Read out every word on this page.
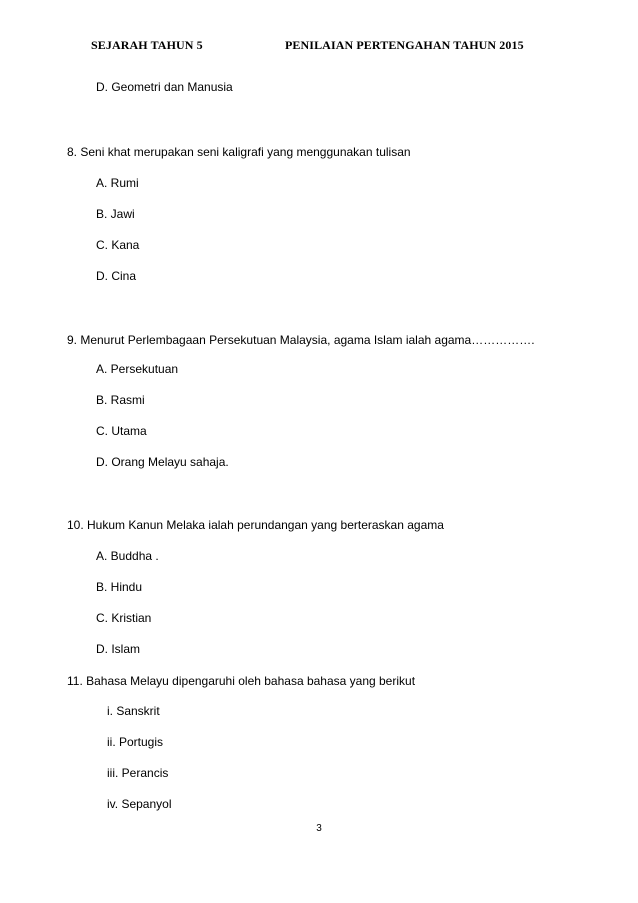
SEJARAH TAHUN 5	PENILAIAN PERTENGAHAN TAHUN 2015
D. Geometri dan Manusia
8. Seni khat merupakan seni kaligrafi yang menggunakan tulisan
A. Rumi
B. Jawi
C. Kana
D. Cina
9. Menurut Perlembagaan Persekutuan Malaysia, agama Islam ialah agama…………….
A. Persekutuan
B. Rasmi
C. Utama
D. Orang Melayu sahaja.
10. Hukum Kanun Melaka ialah perundangan yang berteraskan agama
A. Buddha .
B. Hindu
C. Kristian
D. Islam
11. Bahasa Melayu dipengaruhi oleh bahasa bahasa yang berikut
i. Sanskrit
ii. Portugis
iii. Perancis
iv. Sepanyol
3
